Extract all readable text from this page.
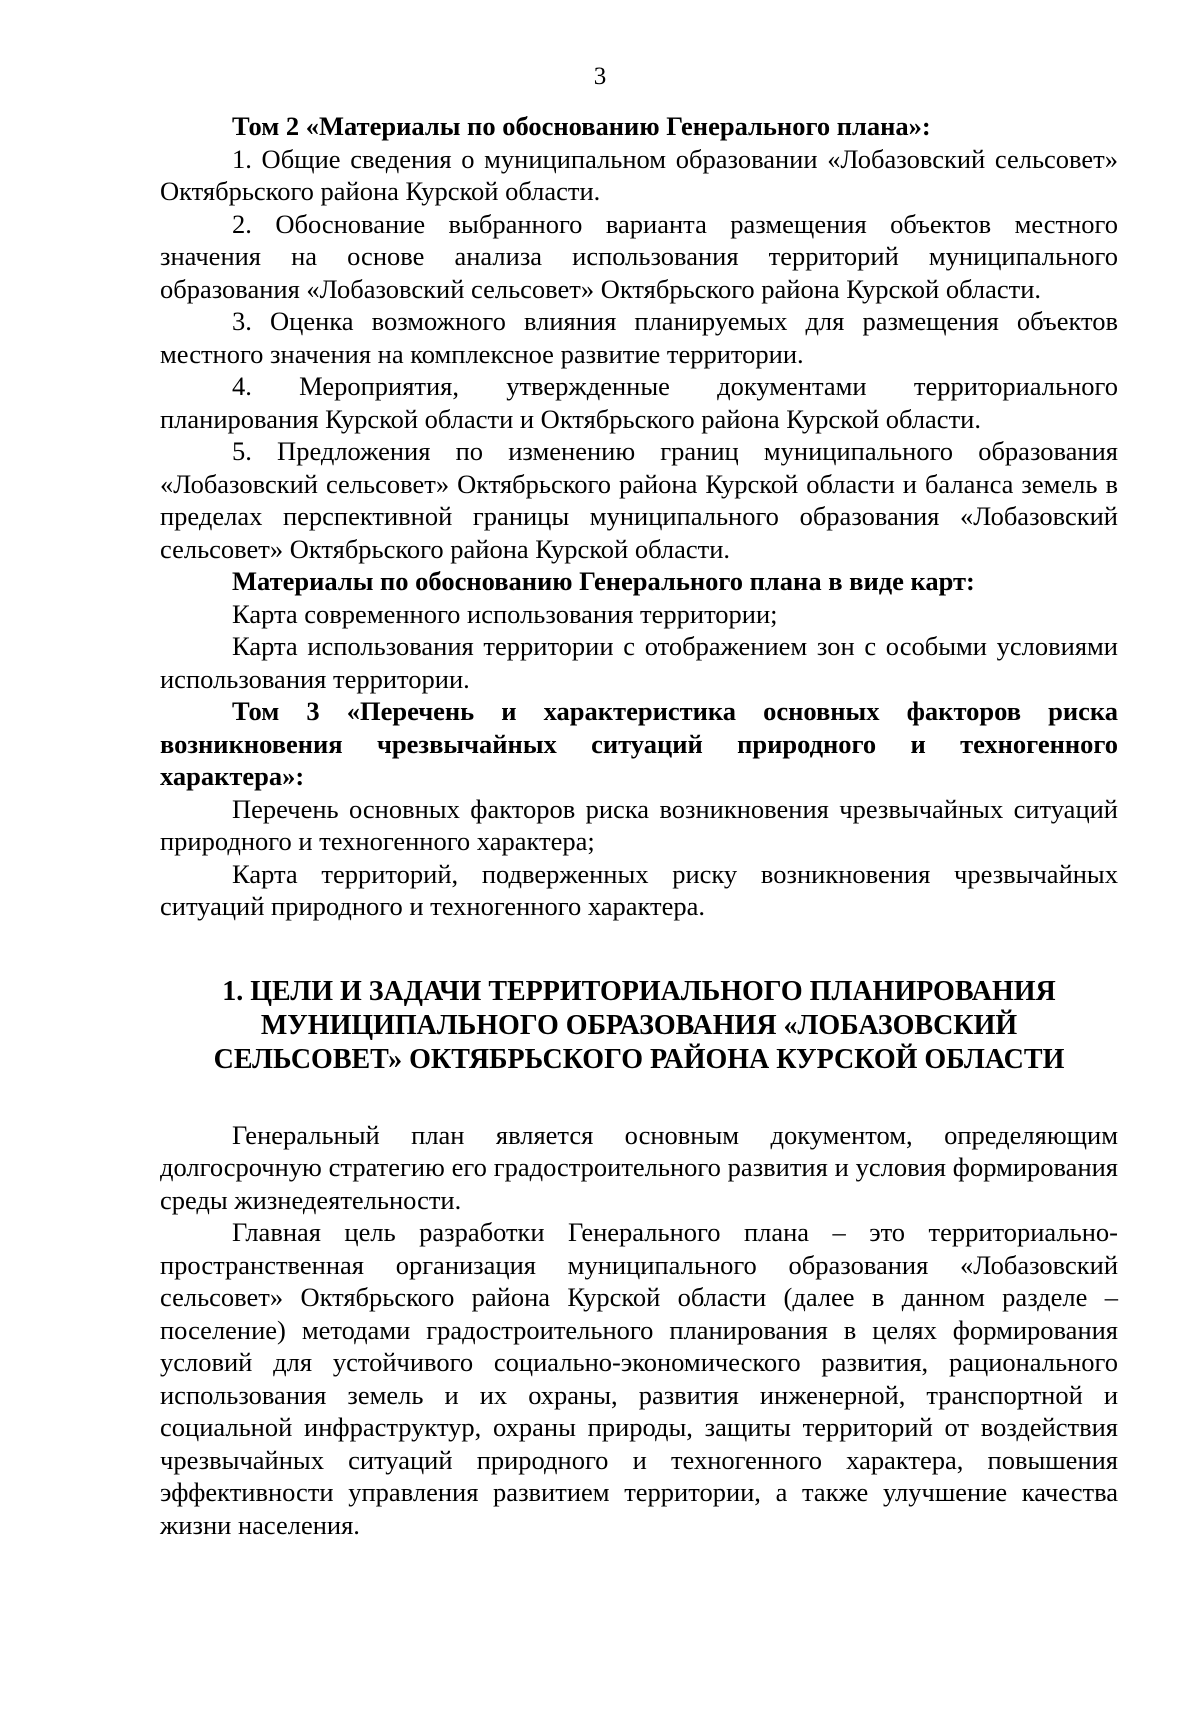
3

Том 2 «Материалы по обоснованию Генерального плана»:

1. Общие сведения о муниципальном образовании «Лобазовский сельсовет» Октябрьского района Курской области.

2. Обоснование выбранного варианта размещения объектов местного значения на основе анализа использования территорий муниципального образования «Лобазовский сельсовет» Октябрьского района Курской области.

3. Оценка возможного влияния планируемых для размещения объектов местного значения на комплексное развитие территории.

4. Мероприятия, утвержденные документами территориального планирования Курской области и Октябрьского района Курской области.

5. Предложения по изменению границ муниципального образования «Лобазовский сельсовет» Октябрьского района Курской области и баланса земель в пределах перспективной границы муниципального образования «Лобазовский сельсовет» Октябрьского района Курской области.

Материалы по обоснованию Генерального плана в виде карт:

Карта современного использования территории;

Карта использования территории с отображением зон с особыми условиями использования территории.

Том 3 «Перечень и характеристика основных факторов риска возникновения чрезвычайных ситуаций природного и техногенного характера»:

Перечень основных факторов риска возникновения чрезвычайных ситуаций природного и техногенного характера;

Карта территорий, подверженных риску возникновения чрезвычайных ситуаций природного и техногенного характера.

1. ЦЕЛИ И ЗАДАЧИ ТЕРРИТОРИАЛЬНОГО ПЛАНИРОВАНИЯ
МУНИЦИПАЛЬНОГО ОБРАЗОВАНИЯ «ЛОБАЗОВСКИЙ
СЕЛЬСОВЕТ» ОКТЯБРЬСКОГО РАЙОНА КУРСКОЙ ОБЛАСТИ

Генеральный план является основным документом, определяющим долгосрочную стратегию его градостроительного развития и условия формирования среды жизнедеятельности.

Главная цель разработки Генерального плана – это территориально-пространственная организация муниципального образования «Лобазовский сельсовет» Октябрьского района Курской области (далее в данном разделе – поселение) методами градостроительного планирования в целях формирования условий для устойчивого социально-экономического развития, рационального использования земель и их охраны, развития инженерной, транспортной и социальной инфраструктур, охраны природы, защиты территорий от воздействия чрезвычайных ситуаций природного и техногенного характера, повышения эффективности управления развитием территории, а также улучшение качества жизни населения.
